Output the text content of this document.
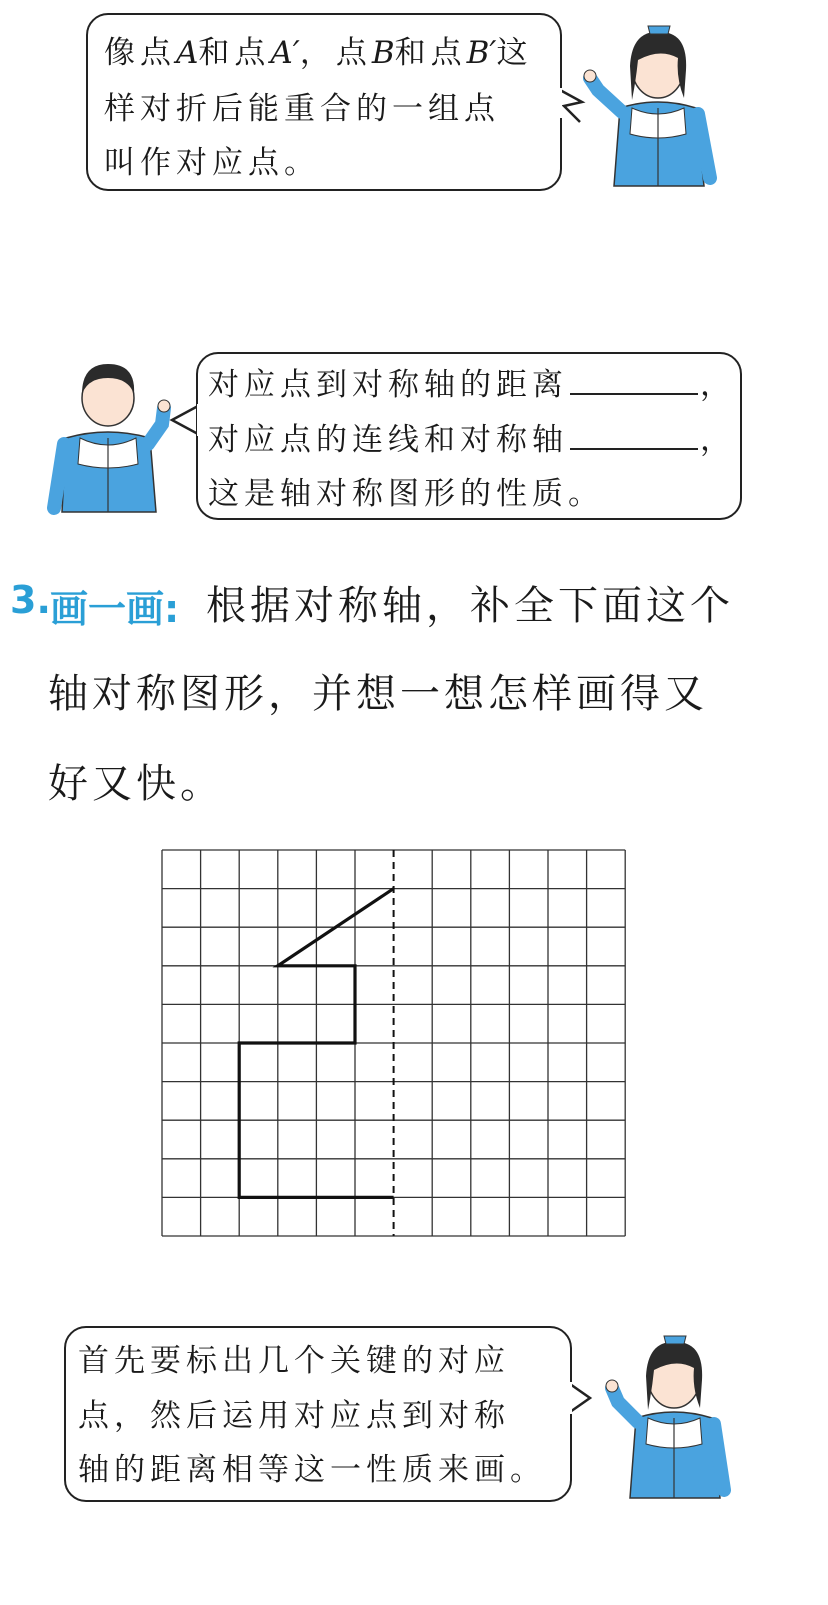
像点A和点A′，点B和点B′这
样对折后能重合的一组点
叫作对应点。
对应点到对称轴的距离	，
对应点的连线和对称轴	，
这是轴对称图形的性质。
3. 画一画: 根据对称轴，补全下面这个
轴对称图形，并想一想怎样画得又
好又快。
首先要标出几个关键的对应
点，然后运用对应点到对称
轴的距离相等这一性质来画。
